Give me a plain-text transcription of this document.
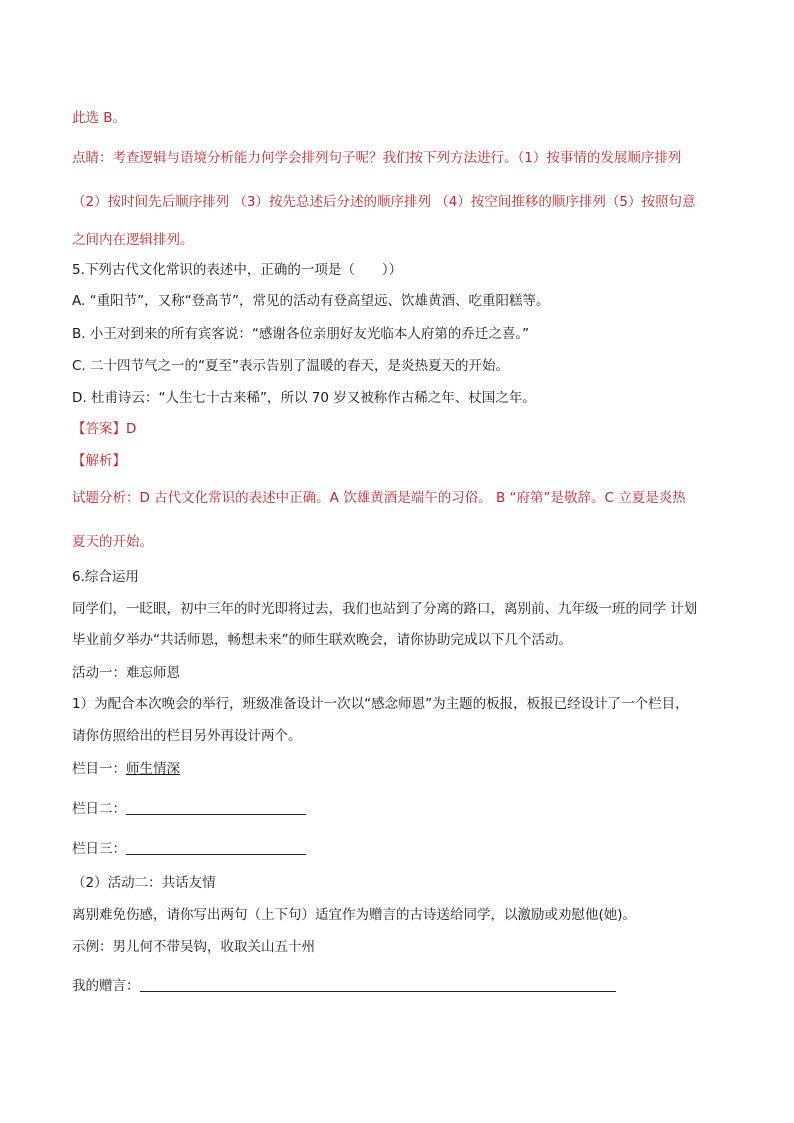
此选 B。
点睛：考查逻辑与语境分析能力何学会排列句子呢？我们按下列方法进行。（1）按事情的发展顺序排列
（2）按时间先后顺序排列 （3）按先总述后分述的顺序排列 （4）按空间推移的顺序排列（5）按照句意
之间内在逻辑排列。
5.下列古代文化常识的表述中，正确的一项是（　　））
A. “重阳节”，又称“登高节”，常见的活动有登高望远、饮雄黄酒、吃重阳糕等。
B. 小王对到来的所有宾客说：“感谢各位亲朋好友光临本人府第的乔迁之喜。”
C. 二十四节气之一的“夏至”表示告别了温暖的春天，是炎热夏天的开始。
D. 杜甫诗云：“人生七十古来稀”，所以 70 岁又被称作古稀之年、杖国之年。
【答案】D
【解析】
试题分析：D 古代文化常识的表述中正确。A 饮雄黄酒是端午的习俗。 B “府第”是敬辞。C 立夏是炎热
夏天的开始。
6.综合运用
同学们，一眨眼，初中三年的时光即将过去，我们也站到了分离的路口，离别前、九年级一班的同学 计划
毕业前夕举办“共话师恩，畅想未来”的师生联欢晚会，请你协助完成以下几个活动。
活动一：难忘师恩
1）为配合本次晚会的举行，班级准备设计一次以“感念师恩”为主题的板报，板报已经设计了一个栏目，
请你仿照给出的栏目另外再设计两个。
栏目一：师生情深
栏日二：
栏日三：
（2）活动二：共话友情
离别难免伤感，请你写出两句（上下句）适宜作为赠言的古诗送给同学，以激励或劝慰他(她)。
示例：男儿何不带吴钩，收取关山五十州
我的赠言：
